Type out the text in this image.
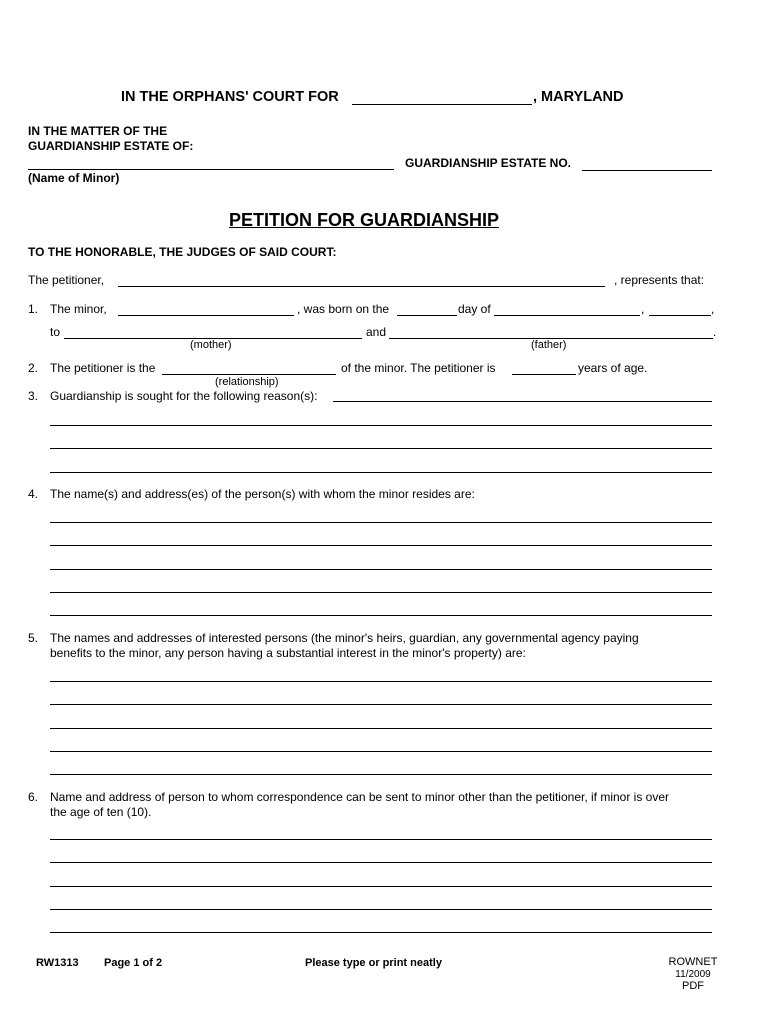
IN THE ORPHANS' COURT FOR	, MARYLAND
IN THE MATTER OF THE
GUARDIANSHIP ESTATE OF:
(Name of Minor)
GUARDIANSHIP ESTATE NO.
PETITION FOR GUARDIANSHIP
TO THE HONORABLE, THE JUDGES OF SAID COURT:
The petitioner,	, represents that:
1. The minor,	, was born on the	day of	,	,
to	and	.
(mother)	(father)
2. The petitioner is the	of the minor. The petitioner is	years of age.
(relationship)
3. Guardianship is sought for the following reason(s):
4. The name(s) and address(es) of the person(s) with whom the minor resides are:
5. The names and addresses of interested persons (the minor's heirs, guardian, any governmental agency paying
benefits to the minor, any person having a substantial interest in the minor's property) are:
6. Name and address of person to whom correspondence can be sent to minor other than the petitioner, if minor is over
the age of ten (10).
RW1313 Page 1 of 2	Please type or print neatly	ROWNET
11/2009
PDF
